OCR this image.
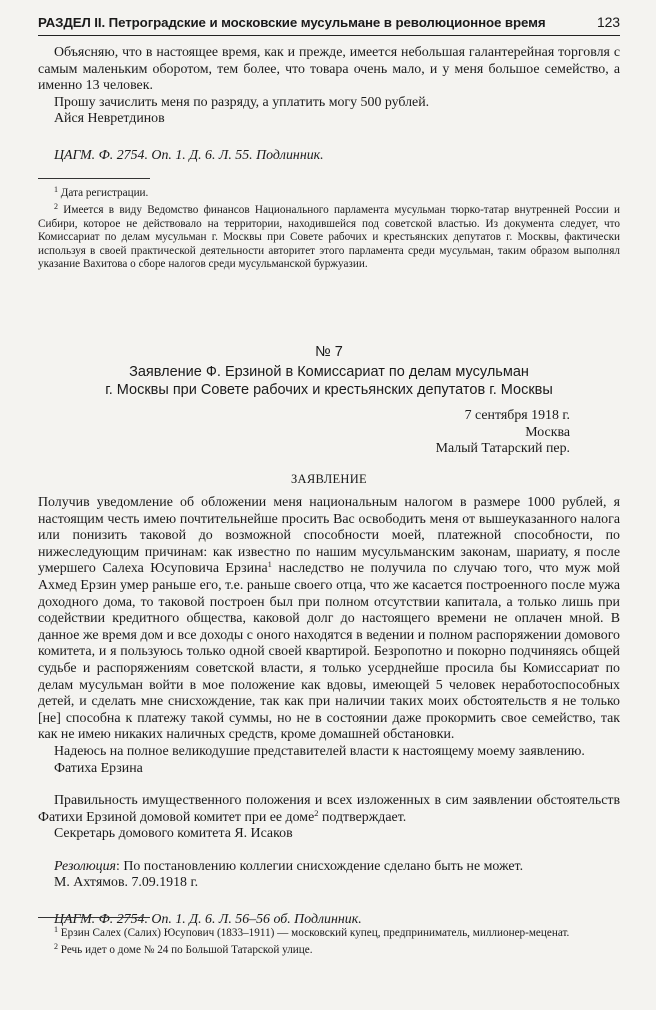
РАЗДЕЛ II. Петроградские и московские мусульмане в революционное время	123

Объясняю, что в настоящее время, как и прежде, имеется небольшая галантерейная торговля с самым маленьким оборотом, тем более, что товара очень мало, и у меня большое семейство, а именно 13 человек.

Прошу зачислить меня по разряду, а уплатить могу 500 рублей.

Айся Невретдинов

ЦАГМ. Ф. 2754. Оп. 1. Д. 6. Л. 55. Подлинник.

$^1$ Дата регистрации.

$^2$ Имеется в виду Ведомство финансов Национального парламента мусульман тюрко-татар внутренней России и Сибири, которое не действовало на территории, находившейся под советской властью. Из документа следует, что Комиссариат по делам мусульман г. Москвы при Совете рабочих и крестьянских депутатов г. Москвы, фактически используя в своей практической деятельности авторитет этого парламента среди мусульман, таким образом выполнял указание Вахитова о сборе налогов среди мусульманской буржуазии.

№ 7

Заявление Ф. Ерзиной в Комиссариат по делам мусульман

г. Москвы при Совете рабочих и крестьянских депутатов г. Москвы

7 сентября 1918 г.

Москва

Малый Татарский пер.

ЗАЯВЛЕНИЕ

Получив уведомление об обложении меня национальным налогом в размере 1000 рублей, я настоящим честь имею почтительнейше просить Вас освободить меня от вышеуказанного налога или понизить таковой до возможной способности моей, платежной способности, по нижеследующим причинам: как известно по нашим мусульманским законам, шариату, я после умершего Салеха Юсуповича Ерзина$^1$ наследство не получила по случаю того, что муж мой Ахмед Ерзин умер раньше его, т.е. раньше своего отца, что же касается построенного после мужа доходного дома, то таковой построен был при полном отсутствии капитала, а только лишь при содействии кредитного общества, каковой долг до настоящего времени не оплачен мной. В данное же время дом и все доходы с оного находятся в ведении и полном распоряжении домового комитета, и я пользуюсь только одной своей квартирой. Безропотно и покорно подчиняясь общей судьбе и распоряжениям советской власти, я только усерднейше просила бы Комиссариат по делам мусульман войти в мое положение как вдовы, имеющей 5 человек неработоспособных детей, и сделать мне снисхождение, так как при наличии таких моих обстоятельств я не только [не] способна к платежу такой суммы, но не в состоянии даже прокормить свое семейство, так как не имею никаких наличных средств, кроме домашней обстановки.

Надеюсь на полное великодушие представителей власти к настоящему моему заявлению.

Фатиха Ерзина

Правильность имущественного положения и всех изложенных в сим заявлении обстоятельств Фатихи Ерзиной домовой комитет при ее доме$^2$ подтверждает.

Секретарь домового комитета Я. Исаков

Резолюция: По постановлению коллегии снисхождение сделано быть не может.

М. Ахтямов. 7.09.1918 г.

ЦАГМ. Ф. 2754. Оп. 1. Д. 6. Л. 56–56 об. Подлинник.

$^1$ Ерзин Салех (Салих) Юсупович (1833–1911) — московский купец, предприниматель, миллионер-меценат.

$^2$ Речь идет о доме № 24 по Большой Татарской улице.
